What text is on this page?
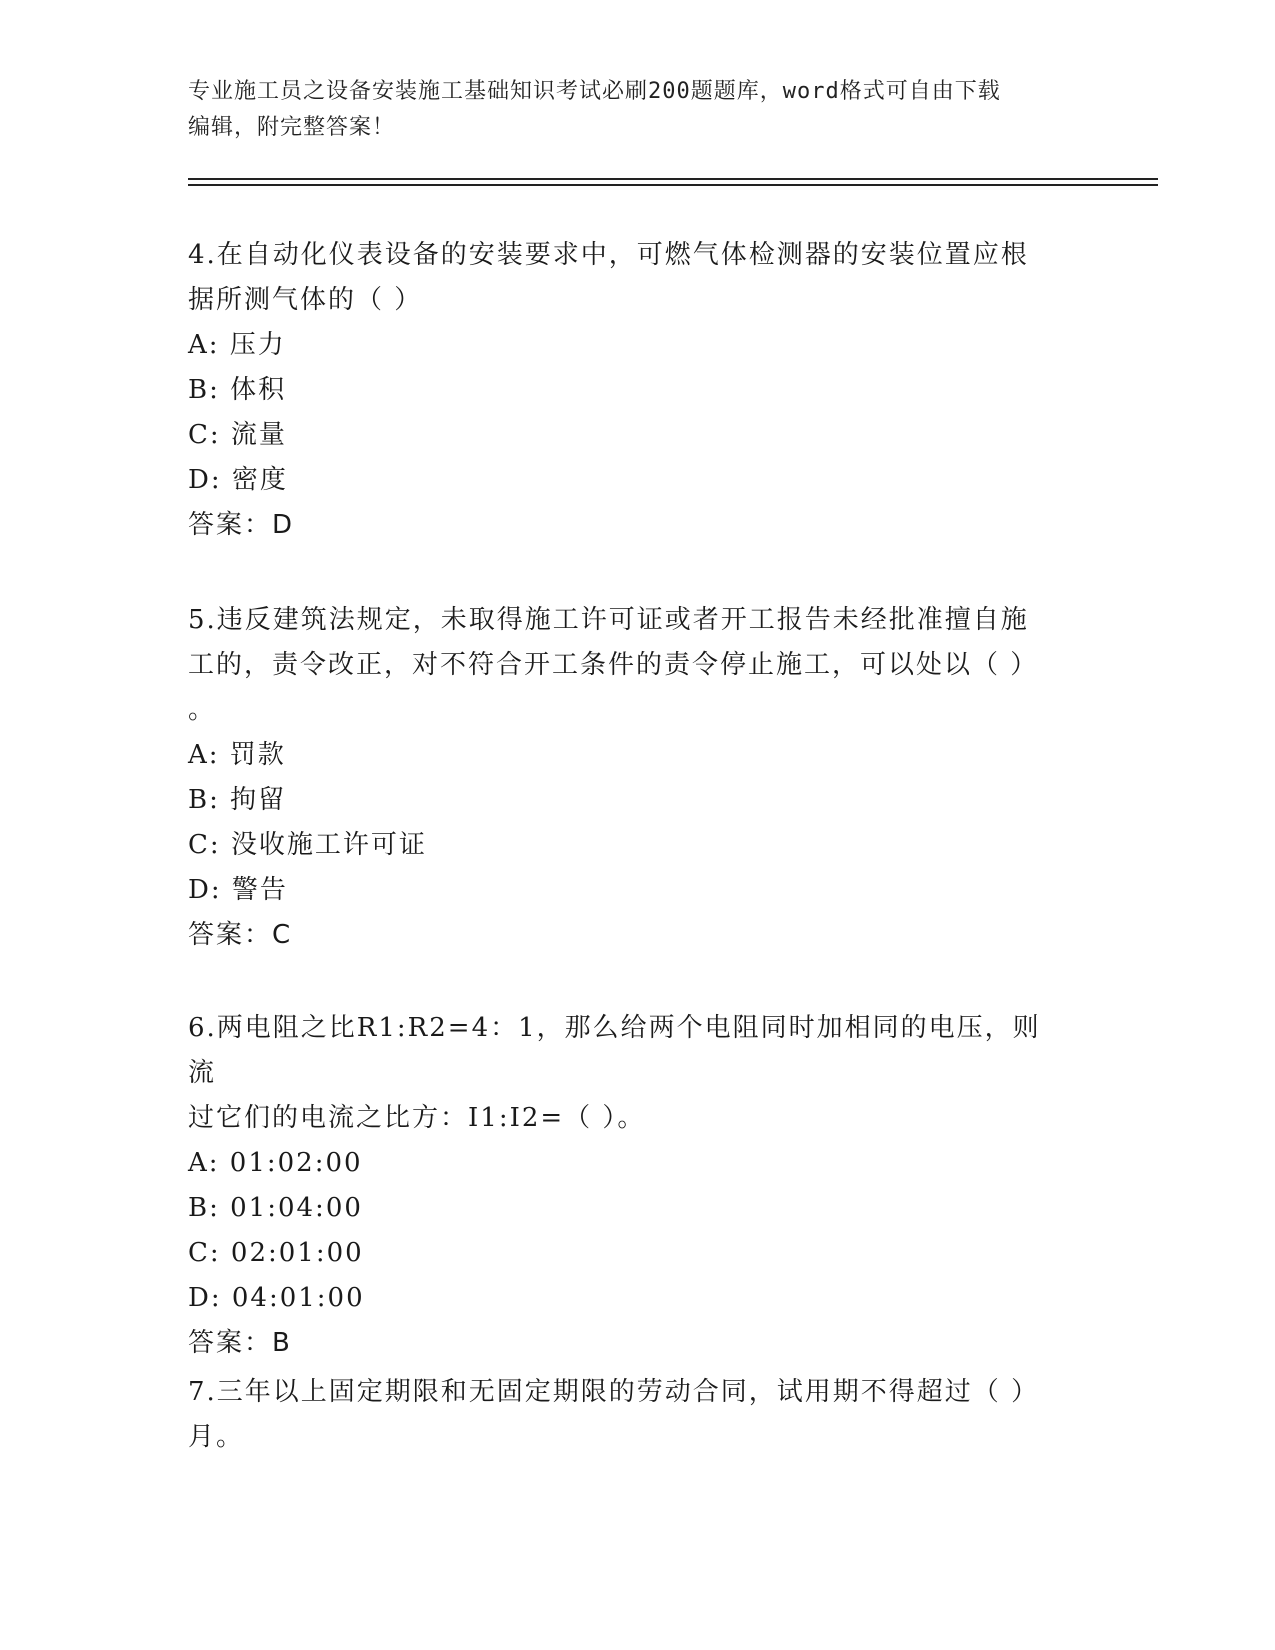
专业施工员之设备安装施工基础知识考试必刷200题题库，word格式可自由下载
编辑，附完整答案！

4.在自动化仪表设备的安装要求中，可燃气体检测器的安装位置应根

据所测气体的（ ）

A: 压力

B: 体积

C: 流量

D: 密度

答案：D

5.违反建筑法规定，未取得施工许可证或者开工报告未经批准擅自施

工的，责令改正，对不符合开工条件的责令停止施工，可以处以（ ）

。

A: 罚款

B: 拘留

C: 没收施工许可证

D: 警告

答案：C

6.两电阻之比R1:R2=4：1，那么给两个电阻同时加相同的电压，则流

过它们的电流之比方：I1:I2=（ ）。

A: 01:02:00

B: 01:04:00

C: 02:01:00

D: 04:01:00

答案：B

7.三年以上固定期限和无固定期限的劳动合同，试用期不得超过（ ）

月。
